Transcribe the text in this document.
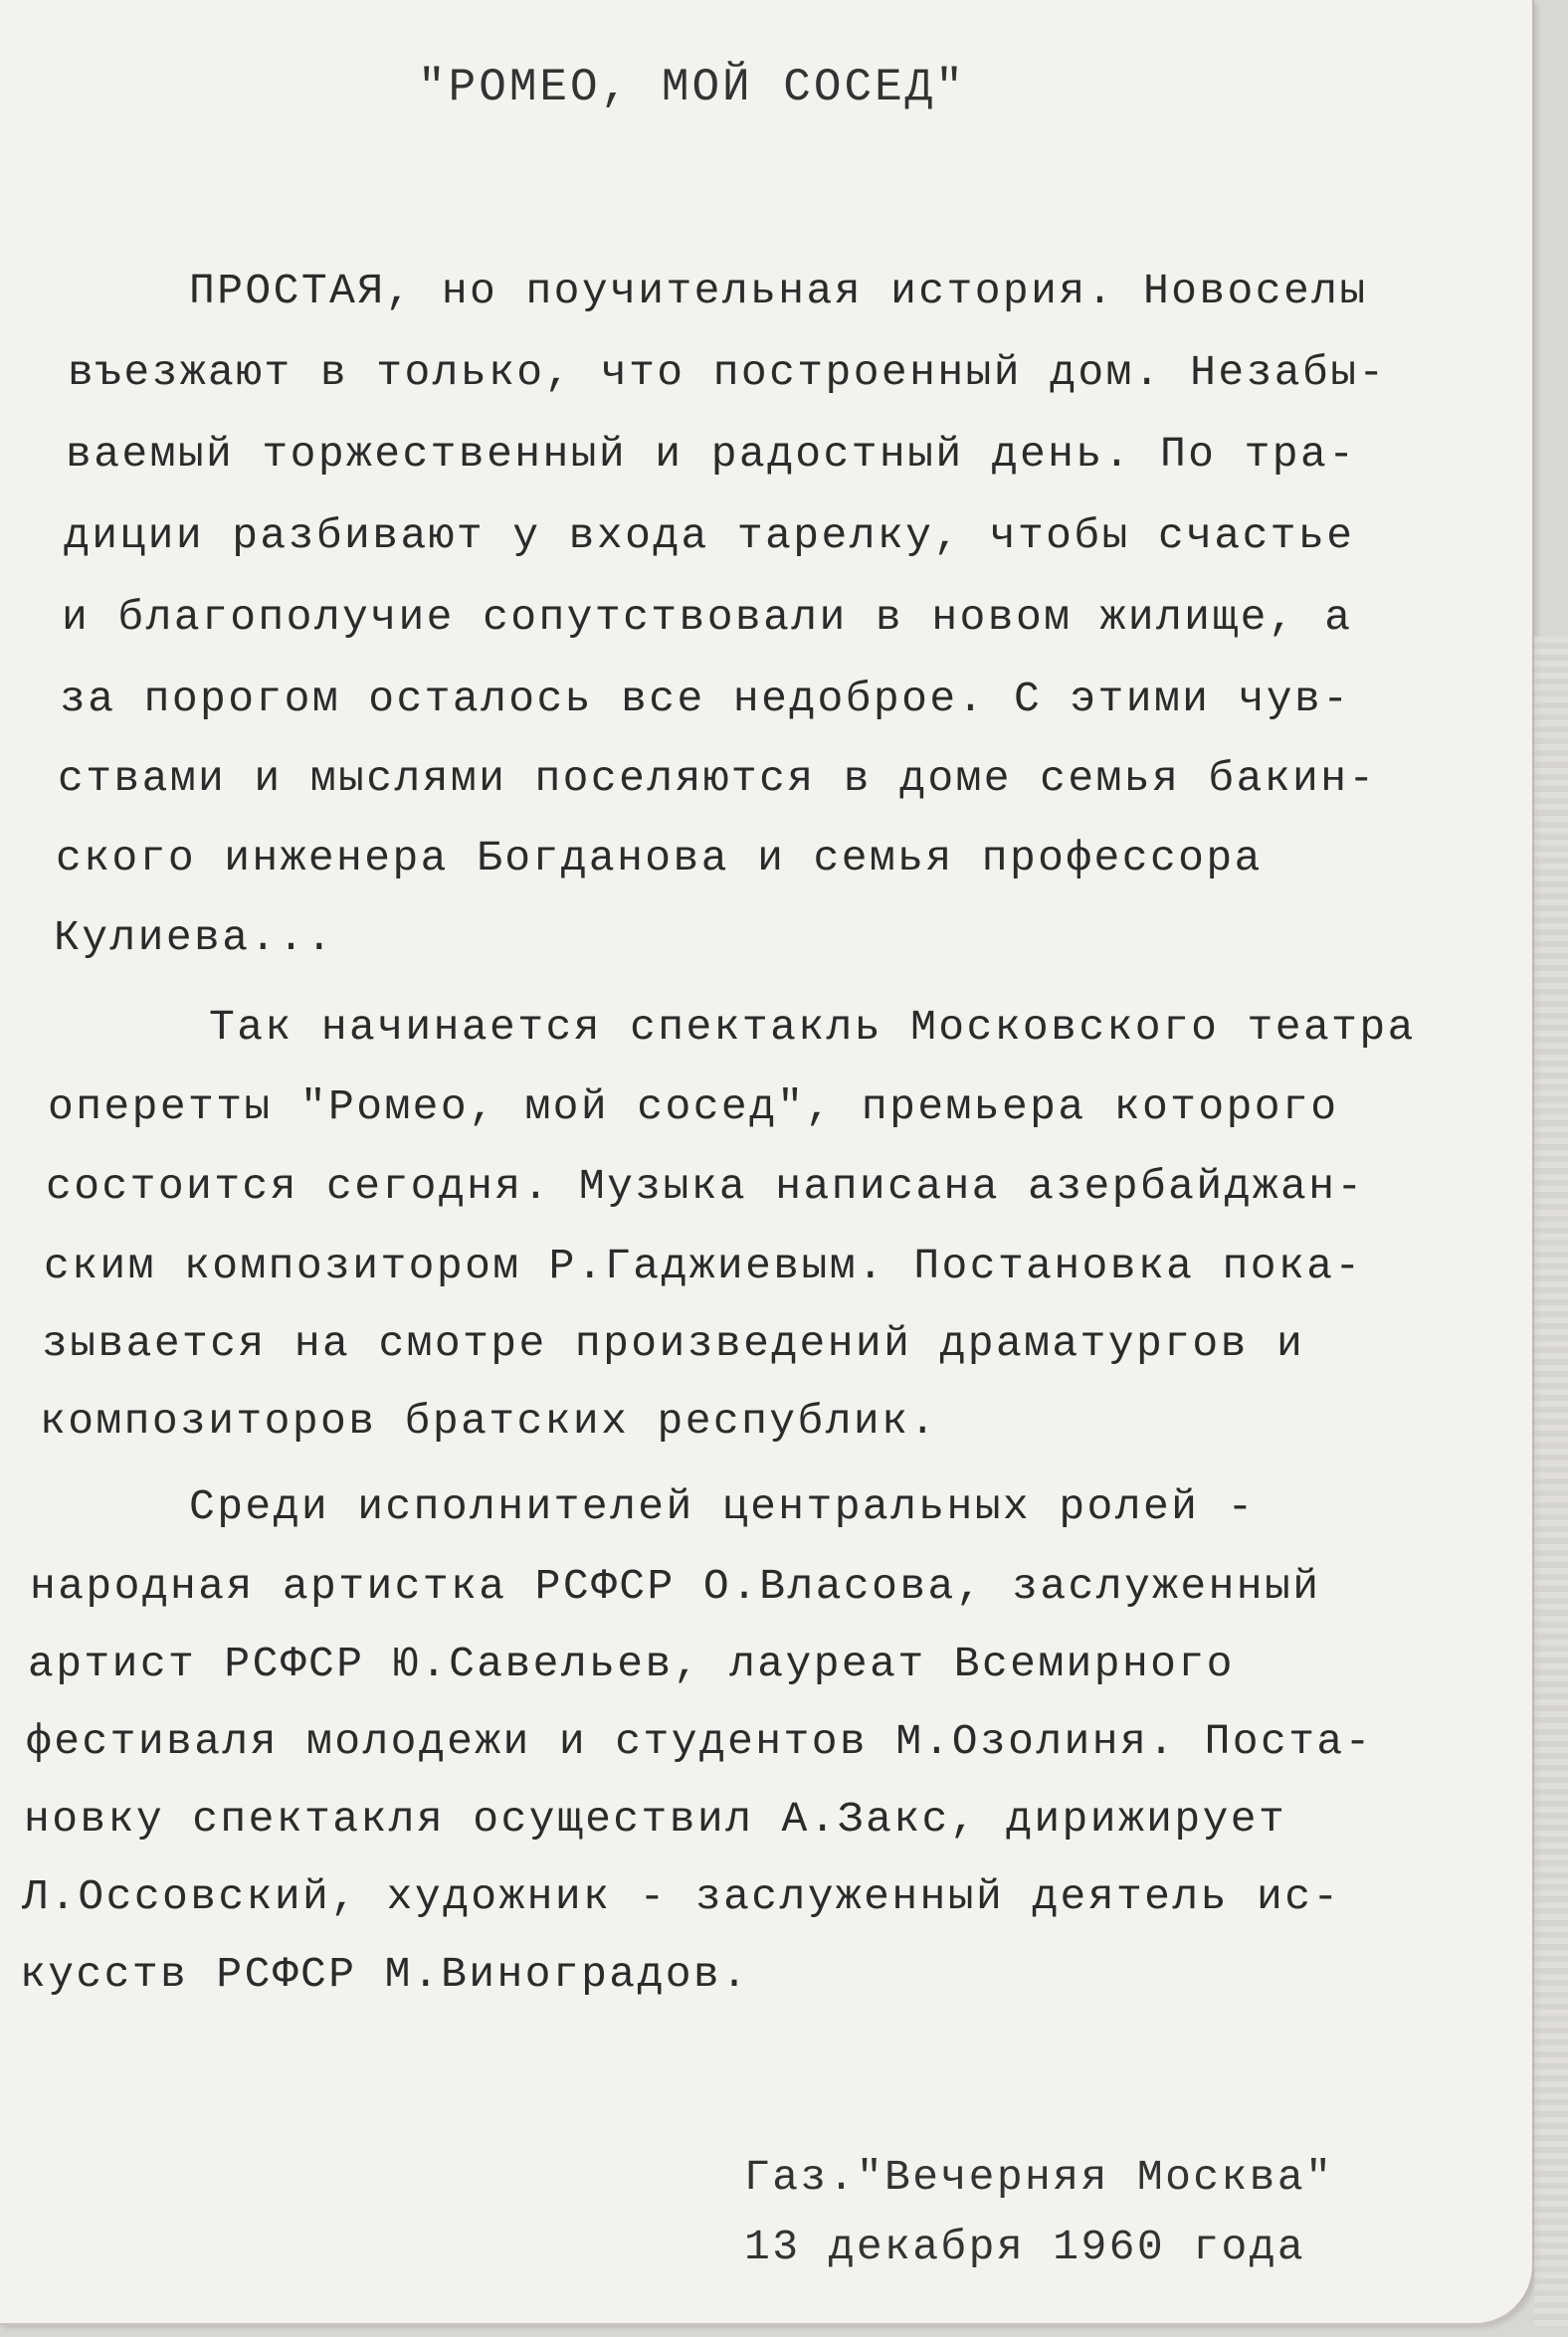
"РОМЕО, МОЙ СОСЕД"
ПРОСТАЯ, но поучительная история. Новоселы
въезжают в только, что построенный дом. Незабы-
ваемый торжественный и радостный день. По тра-
диции разбивают у входа тарелку, чтобы счастье
и благополучие сопутствовали в новом жилище, а
за порогом осталось все недоброе. С этими чув-
ствами и мыслями поселяются в доме семья бакин-
ского инженера Богданова и семья профессора
Кулиева...
Так начинается спектакль Московского театра
оперетты "Ромео, мой сосед", премьера которого
состоится сегодня. Музыка написана азербайджан-
ским композитором Р.Гаджиевым. Постановка пока-
зывается на смотре произведений драматургов и
композиторов братских республик.
Среди исполнителей центральных ролей -
народная артистка РСФСР О.Власова, заслуженный
артист РСФСР Ю.Савельев, лауреат Всемирного
фестиваля молодежи и студентов М.Озолиня. Поста-
новку спектакля осуществил А.Закс, дирижирует
Л.Оссовский, художник - заслуженный деятель ис-
кусств РСФСР М.Виноградов.
Газ."Вечерняя Москва"
13 декабря 1960 года
